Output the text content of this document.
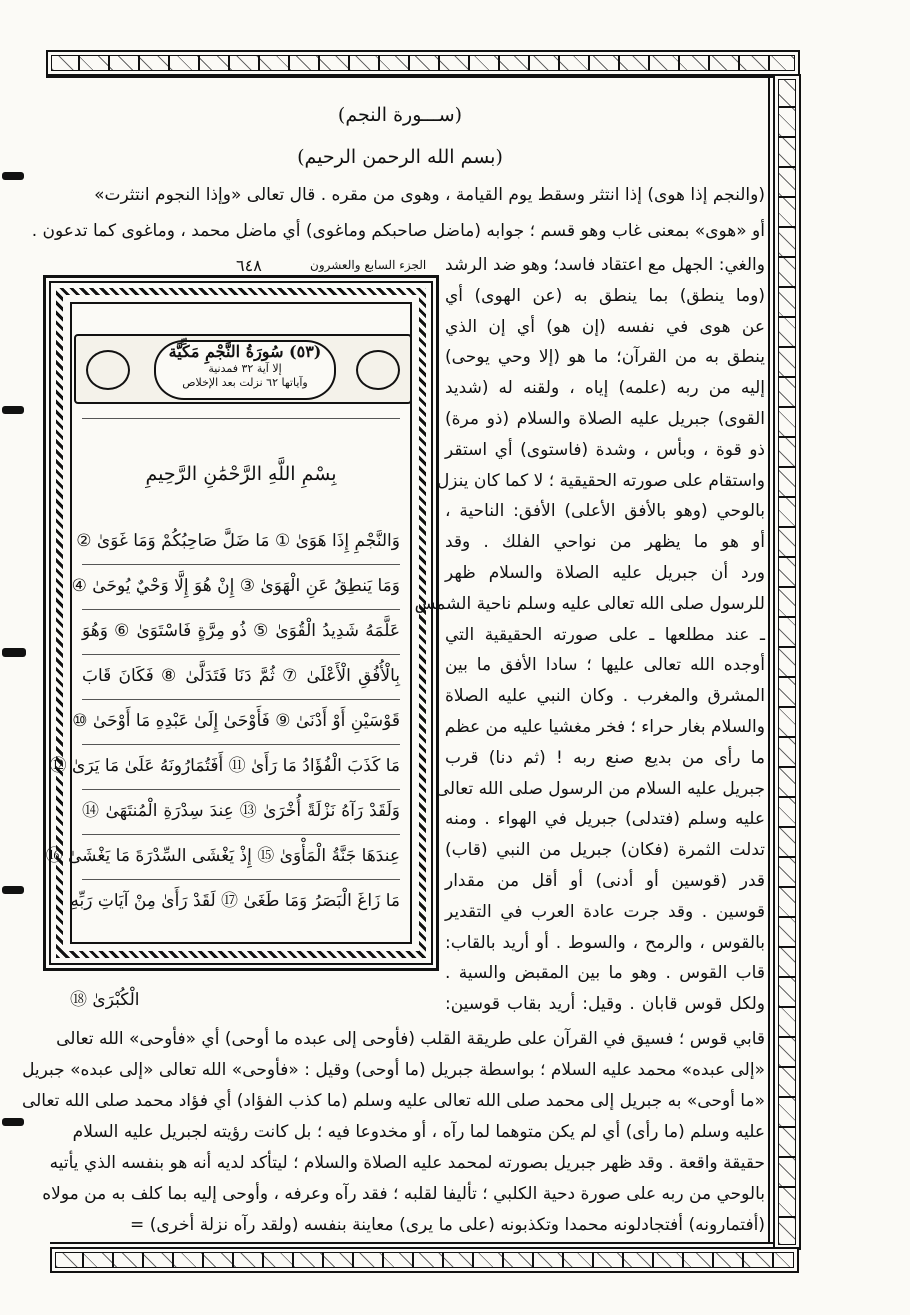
(ســـورة النجم)
(بسم الله الرحمن الرحيم)
(والنجم إذا هوى) إذا انتثر وسقط يوم القيامة ، وهوى من مقره . قال تعالى «وإذا النجوم انتثرت»
أو «هوى» بمعنى غاب وهو قسم ؛ جوابه (ماضل صاحبكم وماغوى) أي ماضل محمد ، وماغوى كما تدعون .
٦٤٨	الجزء السابع والعشرون
(٥٣) سُورَةُ النَّجْمِ مَكِّيَّة
إلا آية ٣٢ فمدنية
وآياتها ٦٢ نزلت بعد الإخلاص
بِسْمِ اللَّهِ الرَّحْمَٰنِ الرَّحِيمِ
وَالنَّجْمِ إِذَا هَوَىٰ ① مَا ضَلَّ صَاحِبُكُمْ وَمَا غَوَىٰ ②
وَمَا يَنطِقُ عَنِ الْهَوَىٰ ③ إِنْ هُوَ إِلَّا وَحْيٌ يُوحَىٰ ④
عَلَّمَهُ شَدِيدُ الْقُوَىٰ ⑤ ذُو مِرَّةٍ فَاسْتَوَىٰ ⑥ وَهُوَ
بِالْأُفُقِ الْأَعْلَىٰ ⑦ ثُمَّ دَنَا فَتَدَلَّىٰ ⑧ فَكَانَ قَابَ
قَوْسَيْنِ أَوْ أَدْنَىٰ ⑨ فَأَوْحَىٰ إِلَىٰ عَبْدِهِ مَا أَوْحَىٰ ⑩
مَا كَذَبَ الْفُؤَادُ مَا رَأَىٰ ⑪ أَفَتُمَارُونَهُ عَلَىٰ مَا يَرَىٰ ⑫
وَلَقَدْ رَآهُ نَزْلَةً أُخْرَىٰ ⑬ عِندَ سِدْرَةِ الْمُنتَهَىٰ ⑭
عِندَهَا جَنَّةُ الْمَأْوَىٰ ⑮ إِذْ يَغْشَى السِّدْرَةَ مَا يَغْشَىٰ ⑯
مَا زَاغَ الْبَصَرُ وَمَا طَغَىٰ ⑰ لَقَدْ رَأَىٰ مِنْ آيَاتِ رَبِّهِ
الْكُبْرَىٰ ⑱
والغي: الجهل مع اعتقاد فاسد؛ وهو ضد الرشد
(وما ينطق) بما ينطق به (عن الهوى) أي
عن هوى في نفسه (إن هو) أي إن الذي
ينطق به من القرآن؛ ما هو (إلا وحي يوحى)
إليه من ربه (علمه) إياه ، ولقنه له (شديد
القوى) جبريل عليه الصلاة والسلام (ذو مرة)
ذو قوة ، وبأس ، وشدة (فاستوى) أي استقر
واستقام على صورته الحقيقية ؛ لا كما كان ينزل
بالوحي (وهو بالأفق الأعلى) الأفق: الناحية ،
أو هو ما يظهر من نواحي الفلك . وقد
ورد أن جبريل عليه الصلاة والسلام ظهر
للرسول صلى الله تعالى عليه وسلم ناحية الشمس
ـ عند مطلعها ـ على صورته الحقيقية التي
أوجده الله تعالى عليها ؛ سادا الأفق ما بين
المشرق والمغرب . وكان النبي عليه الصلاة
والسلام بغار حراء ؛ فخر مغشيا عليه من عظم
ما رأى من بديع صنع ربه ! (ثم دنا) قرب
جبريل عليه السلام من الرسول صلى الله تعالى
عليه وسلم (فتدلى) جبريل في الهواء . ومنه
تدلت الثمرة (فكان) جبريل من النبي (قاب)
قدر (قوسين أو أدنى) أو أقل من مقدار
قوسين . وقد جرت عادة العرب في التقدير
بالقوس ، والرمح ، والسوط . أو أريد بالقاب:
قاب القوس . وهو ما بين المقبض والسية .
ولكل قوس قابان . وقيل: أريد بقاب قوسين:
قابي قوس ؛ فسيق في القرآن على طريقة القلب (فأوحى إلى عبده ما أوحى) أي «فأوحى» الله تعالى
«إلى عبده» محمد عليه السلام ؛ بواسطة جبريل (ما أوحى) وقيل : «فأوحى» الله تعالى «إلى عبده» جبريل
«ما أوحى» به جبريل إلى محمد صلى الله تعالى عليه وسلم (ما كذب الفؤاد) أي فؤاد محمد صلى الله تعالى
عليه وسلم (ما رأى) أي لم يكن متوهما لما رآه ، أو مخدوعا فيه ؛ بل كانت رؤيته لجبريل عليه السلام
حقيقة واقعة . وقد ظهر جبريل بصورته لمحمد عليه الصلاة والسلام ؛ ليتأكد لديه أنه هو بنفسه الذي يأتيه
بالوحي من ربه على صورة دحية الكلبي ؛ تأليفا لقلبه ؛ فقد رآه وعرفه ، وأوحى إليه بما كلف به من مولاه
(أفتمارونه) أفتجادلونه محمدا وتكذبونه (على ما يرى) معاينة بنفسه (ولقد رآه نزلة أخرى) =
